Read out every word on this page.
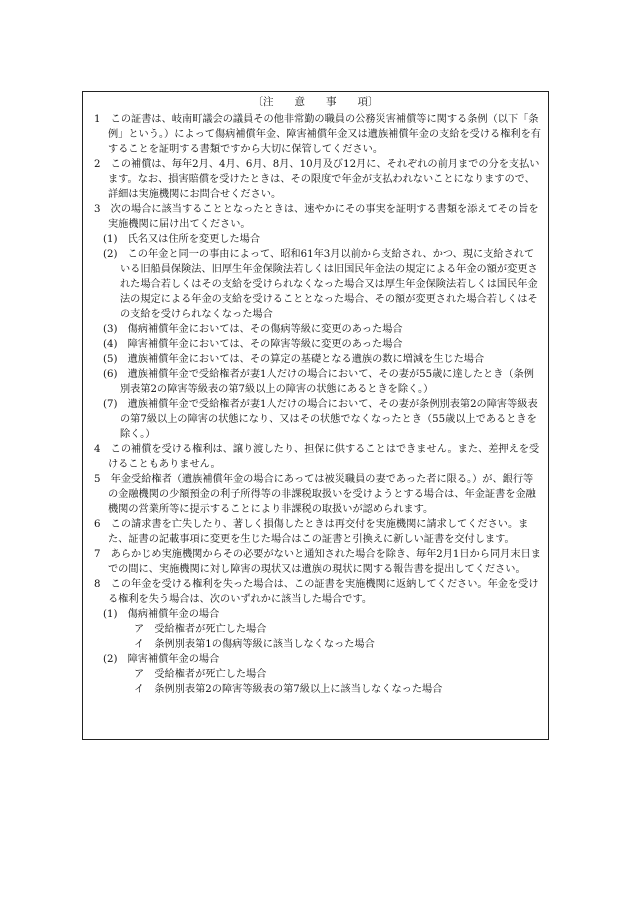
〔注　　意　　事　　項〕

1　この証書は、岐南町議会の議員その他非常勤の職員の公務災害補償等に関する条例（以下「条例」という。）によって傷病補償年金、障害補償年金又は遺族補償年金の支給を受ける権利を有することを証明する書類ですから大切に保管してください。

2　この補償は、毎年2月、4月、6月、8月、10月及び12月に、それぞれの前月までの分を支払います。なお、損害賠償を受けたときは、その限度で年金が支払われないことになりますので、詳細は実施機関にお問合せください。

3　次の場合に該当することとなったときは、速やかにその事実を証明する書類を添えてその旨を実施機関に届け出てください。

(1)　氏名又は住所を変更した場合

(2)　この年金と同一の事由によって、昭和61年3月以前から支給され、かつ、現に支給されている旧船員保険法、旧厚生年金保険法若しくは旧国民年金法の規定による年金の額が変更された場合若しくはその支給を受けられなくなった場合又は厚生年金保険法若しくは国民年金法の規定による年金の支給を受けることとなった場合、その額が変更された場合若しくはその支給を受けられなくなった場合

(3)　傷病補償年金においては、その傷病等級に変更のあった場合

(4)　障害補償年金においては、その障害等級に変更のあった場合

(5)　遺族補償年金においては、その算定の基礎となる遺族の数に増減を生じた場合

(6)　遺族補償年金で受給権者が妻1人だけの場合において、その妻が55歳に達したとき（条例別表第2の障害等級表の第7級以上の障害の状態にあるときを除く。）

(7)　遺族補償年金で受給権者が妻1人だけの場合において、その妻が条例別表第2の障害等級表の第7級以上の障害の状態になり、又はその状態でなくなったとき（55歳以上であるときを除く。）

4　この補償を受ける権利は、譲り渡したり、担保に供することはできません。また、差押えを受けることもありません。

5　年金受給権者（遺族補償年金の場合にあっては被災職員の妻であった者に限る。）が、銀行等の金融機関の少額預金の利子所得等の非課税取扱いを受けようとする場合は、年金証書を金融機関の営業所等に提示することにより非課税の取扱いが認められます。

6　この請求書を亡失したり、著しく損傷したときは再交付を実施機関に請求してください。また、証書の記載事項に変更を生じた場合はこの証書と引換えに新しい証書を交付します。

7　あらかじめ実施機関からその必要がないと通知された場合を除き、毎年2月1日から同月末日までの間に、実施機関に対し障害の現状又は遺族の現状に関する報告書を提出してください。

8　この年金を受ける権利を失った場合は、この証書を実施機関に返納してください。年金を受ける権利を失う場合は、次のいずれかに該当した場合です。

(1)　傷病補償年金の場合

ア　受給権者が死亡した場合

イ　条例別表第1の傷病等級に該当しなくなった場合

(2)　障害補償年金の場合

ア　受給権者が死亡した場合

イ　条例別表第2の障害等級表の第7級以上に該当しなくなった場合
